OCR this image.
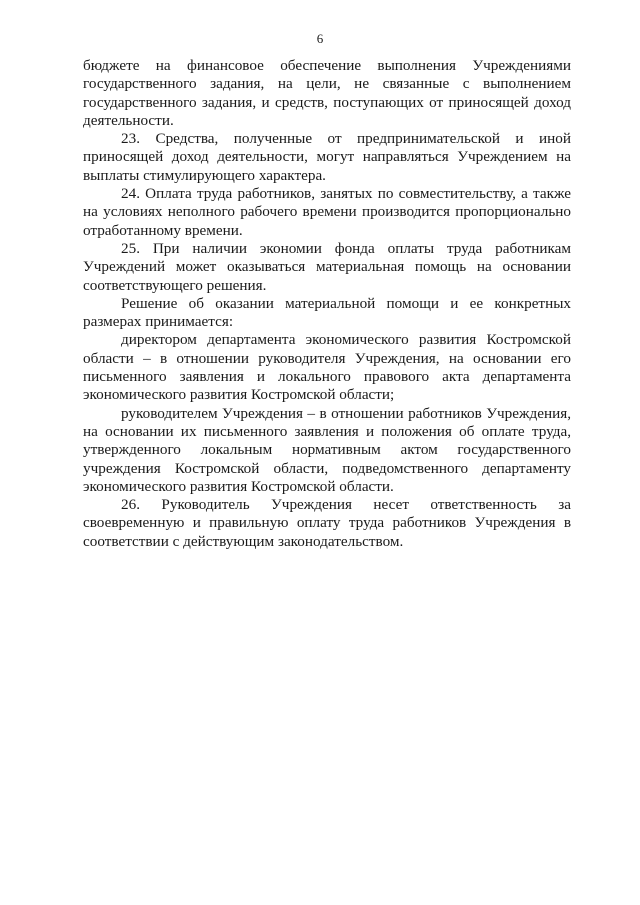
6

бюджете на финансовое обеспечение выполнения Учреждениями государственного задания, на цели, не связанные с выполнением государственного задания, и средств, поступающих от приносящей доход деятельности.

23. Средства, полученные от предпринимательской и иной приносящей доход деятельности, могут направляться Учреждением на выплаты стимулирующего характера.

24. Оплата труда работников, занятых по совместительству, а также на условиях неполного рабочего времени производится пропорционально отработанному времени.

25. При наличии экономии фонда оплаты труда работникам Учреждений может оказываться материальная помощь на основании соответствующего решения.

Решение об оказании материальной помощи и ее конкретных размерах принимается:

директором департамента экономического развития Костромской области – в отношении руководителя Учреждения, на основании его письменного заявления и локального правового акта департамента экономического развития Костромской области;

руководителем Учреждения – в отношении работников Учреждения, на основании их письменного заявления и положения об оплате труда, утвержденного локальным нормативным актом государственного учреждения Костромской области, подведомственного департаменту экономического развития Костромской области.

26. Руководитель Учреждения несет ответственность за своевременную и правильную оплату труда работников Учреждения в соответствии с действующим законодательством.
